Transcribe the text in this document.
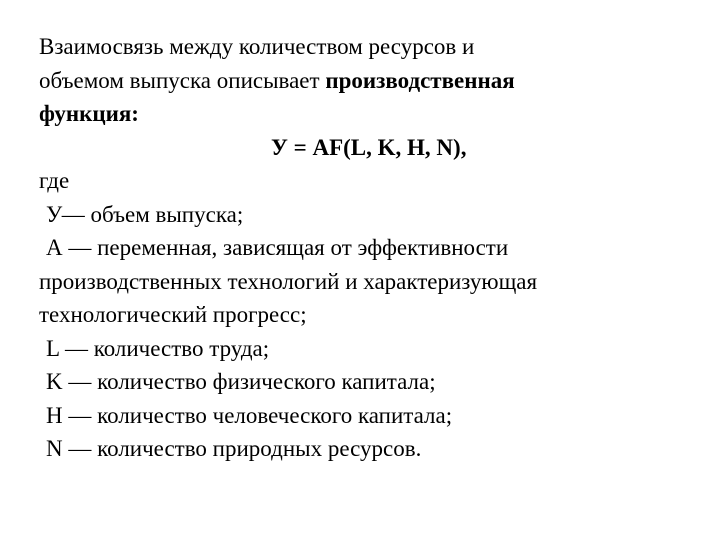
Взаимосвязь между количеством ресурсов и
объемом выпуска описывает производственная
функция:
У = AF(L, K, H, N),
где
У— объем выпуска;
А — переменная, зависящая от эффективности
производственных технологий и характеризующая
технологический прогресс;
L — количество труда;
K — количество физического капитала;
H — количество человеческого капитала;
N — количество природных ресурсов.
